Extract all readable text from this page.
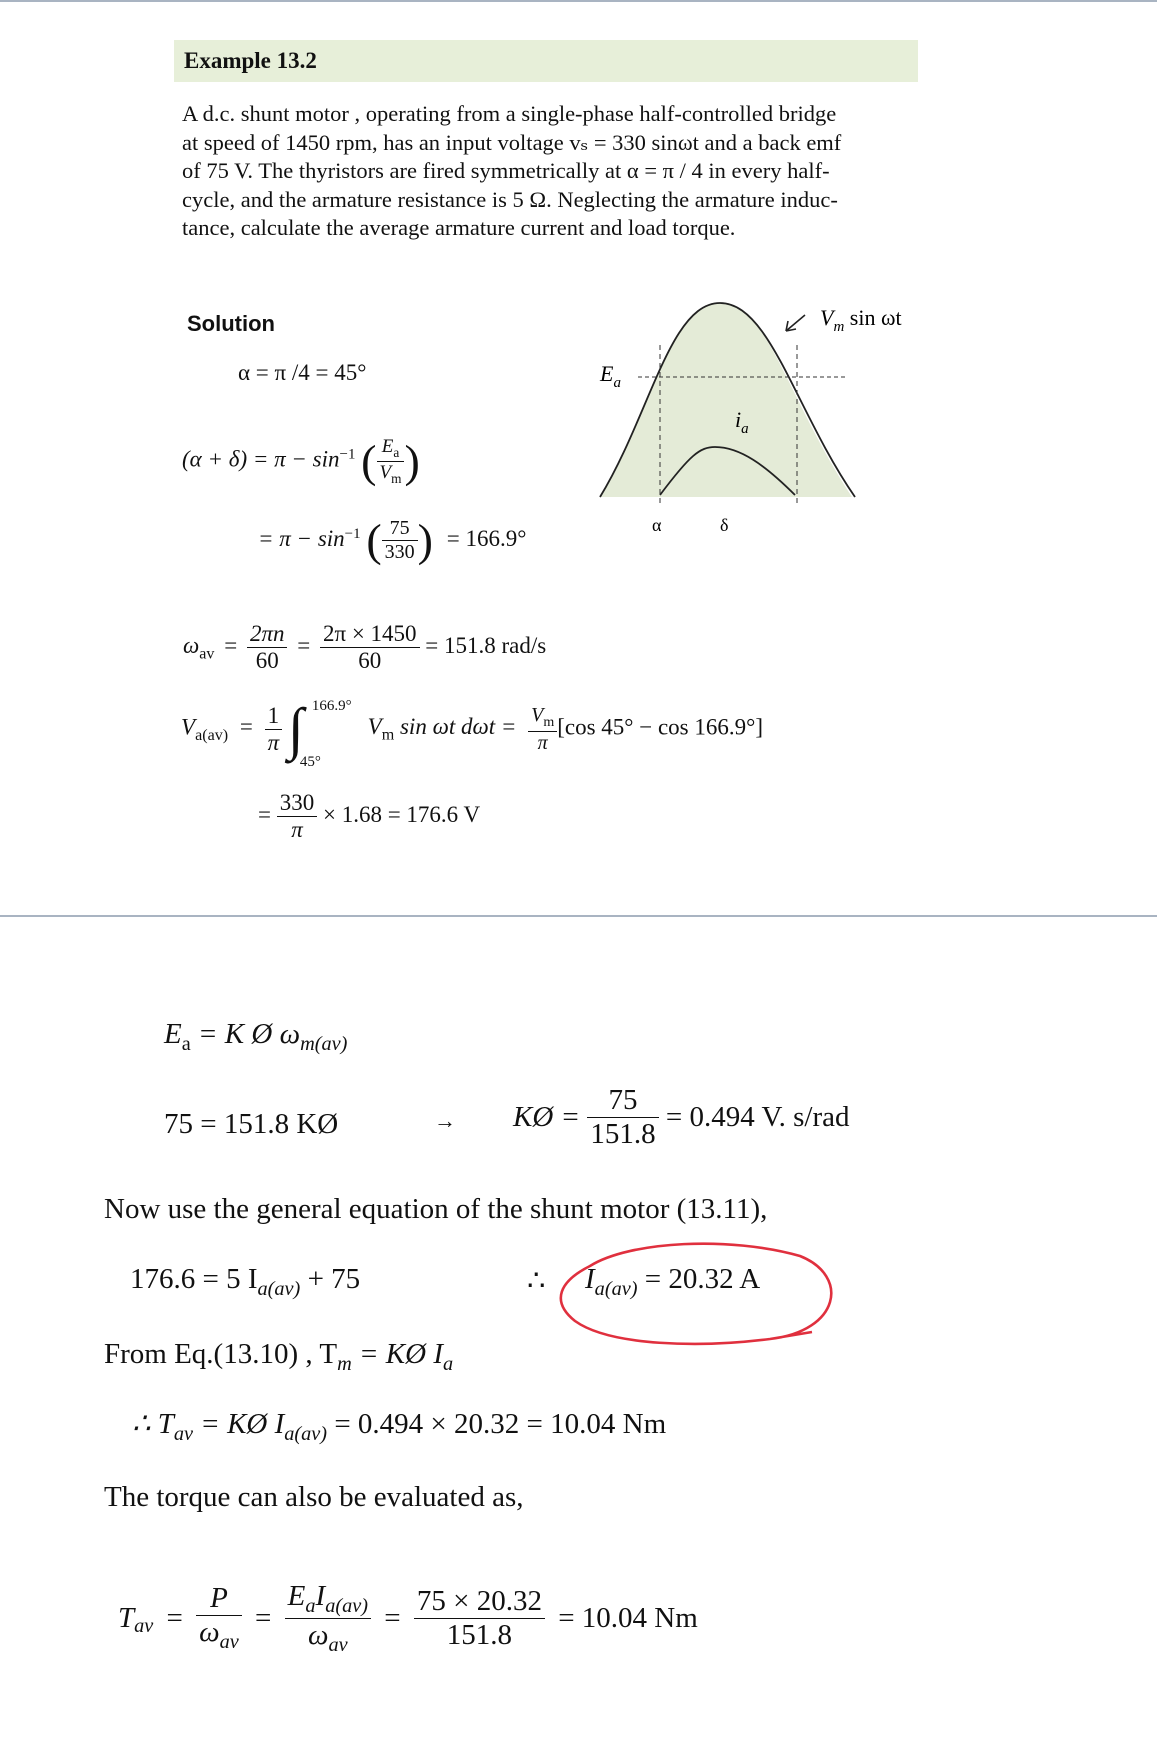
Example 13.2

A d.c. shunt motor , operating from a single-phase half-controlled bridge

at speed of 1450 rpm, has an input voltage vₛ = 330 sinωt and a back emf

of 75 V. The thyristors are fired symmetrically at α = π / 4 in every half-

cycle, and the armature resistance is 5 Ω. Neglecting the armature induc-

tance, calculate the average armature current and load torque.

Solution
α = π /4 = 45°
$(\alpha + \delta) = \pi - \sin^{-1}$ ( $\frac{E_a}{V_m}$ )
= $\pi - \sin^{-1}$ ( $\frac{75}{330}$ ) = 166.9°
$\omega_{av} = \frac{2\pi n}{60} = \frac{2\pi \times 1450}{60} = 151.8$ rad/s
$V_{a(av)} = \frac{1}{\pi}$ ∫ 166.9°
45°
$V_m$ sin ωt $d\omega t = \frac{V_m}{\pi} [\cos$ 45° − cos 166.9°]
= $\frac{330}{\pi} \times 1.68 = 176.6$ V
$V_m$ sin ωt
$E_a$
$i_a$
α	δ
$E_a = K$ Ø $\omega_{m(av)}$
75 = 151.8 KØ	→ KØ = $\frac{75}{151.8} = 0.494$ V. s/rad
Now use the general equation of the shunt motor (13.11),
176.6 = 5 $I_{a(av)} + 75$	∴ $I_{a(av)} = 20.32$ A
From Eq.(13.10) , $T_m$ = KØ $I_a$
∴ $T_{av}$ = KØ $I_{a(av)} = 0.494 \times 20.32 = 10.04$ Nm
The torque can also be evaluated as,
$T_{av} = \frac{P}{\omega_{av}} = \frac{E_aI_{a(av)}}{\omega_{av}} = \frac{75 \times 20.32}{151.8} = 10.04$ Nm
